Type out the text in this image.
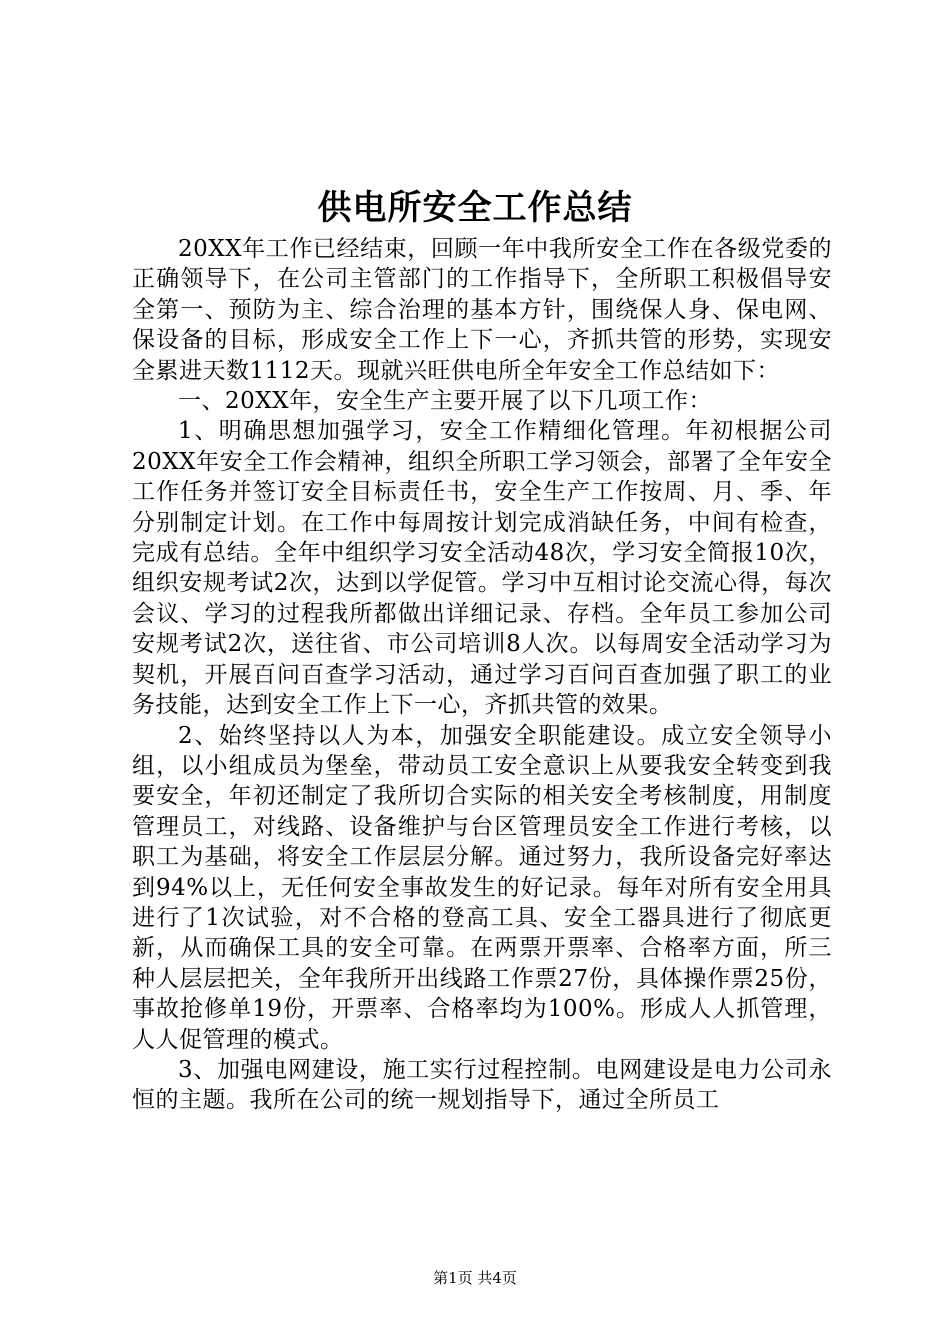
供电所安全工作总结

20XX年工作已经结束，回顾一年中我所安全工作在各级党委的正确领导下，在公司主管部门的工作指导下，全所职工积极倡导安全第一、预防为主、综合治理的基本方针，围绕保人身、保电网、保设备的目标，形成安全工作上下一心，齐抓共管的形势，实现安全累进天数1112天。现就兴旺供电所全年安全工作总结如下：

一、20XX年，安全生产主要开展了以下几项工作：

1、明确思想加强学习，安全工作精细化管理。年初根据公司20XX年安全工作会精神，组织全所职工学习领会，部署了全年安全工作任务并签订安全目标责任书，安全生产工作按周、月、季、年分别制定计划。在工作中每周按计划完成消缺任务，中间有检查，完成有总结。全年中组织学习安全活动48次，学习安全简报10次，组织安规考试2次，达到以学促管。学习中互相讨论交流心得，每次会议、学习的过程我所都做出详细记录、存档。全年员工参加公司安规考试2次，送往省、市公司培训8人次。以每周安全活动学习为契机，开展百问百查学习活动，通过学习百问百查加强了职工的业务技能，达到安全工作上下一心，齐抓共管的效果。

2、始终坚持以人为本，加强安全职能建设。成立安全领导小组，以小组成员为堡垒，带动员工安全意识上从要我安全转变到我要安全，年初还制定了我所切合实际的相关安全考核制度，用制度管理员工，对线路、设备维护与台区管理员安全工作进行考核，以职工为基础，将安全工作层层分解。通过努力，我所设备完好率达到94%以上，无任何安全事故发生的好记录。每年对所有安全用具进行了1次试验，对不合格的登高工具、安全工器具进行了彻底更新，从而确保工具的安全可靠。在两票开票率、合格率方面，所三种人层层把关，全年我所开出线路工作票27份，具体操作票25份，事故抢修单19份，开票率、合格率均为100%。形成人人抓管理，人人促管理的模式。

3、加强电网建设，施工实行过程控制。电网建设是电力公司永恒的主题。我所在公司的统一规划指导下，通过全所员工

第1页 共4页
